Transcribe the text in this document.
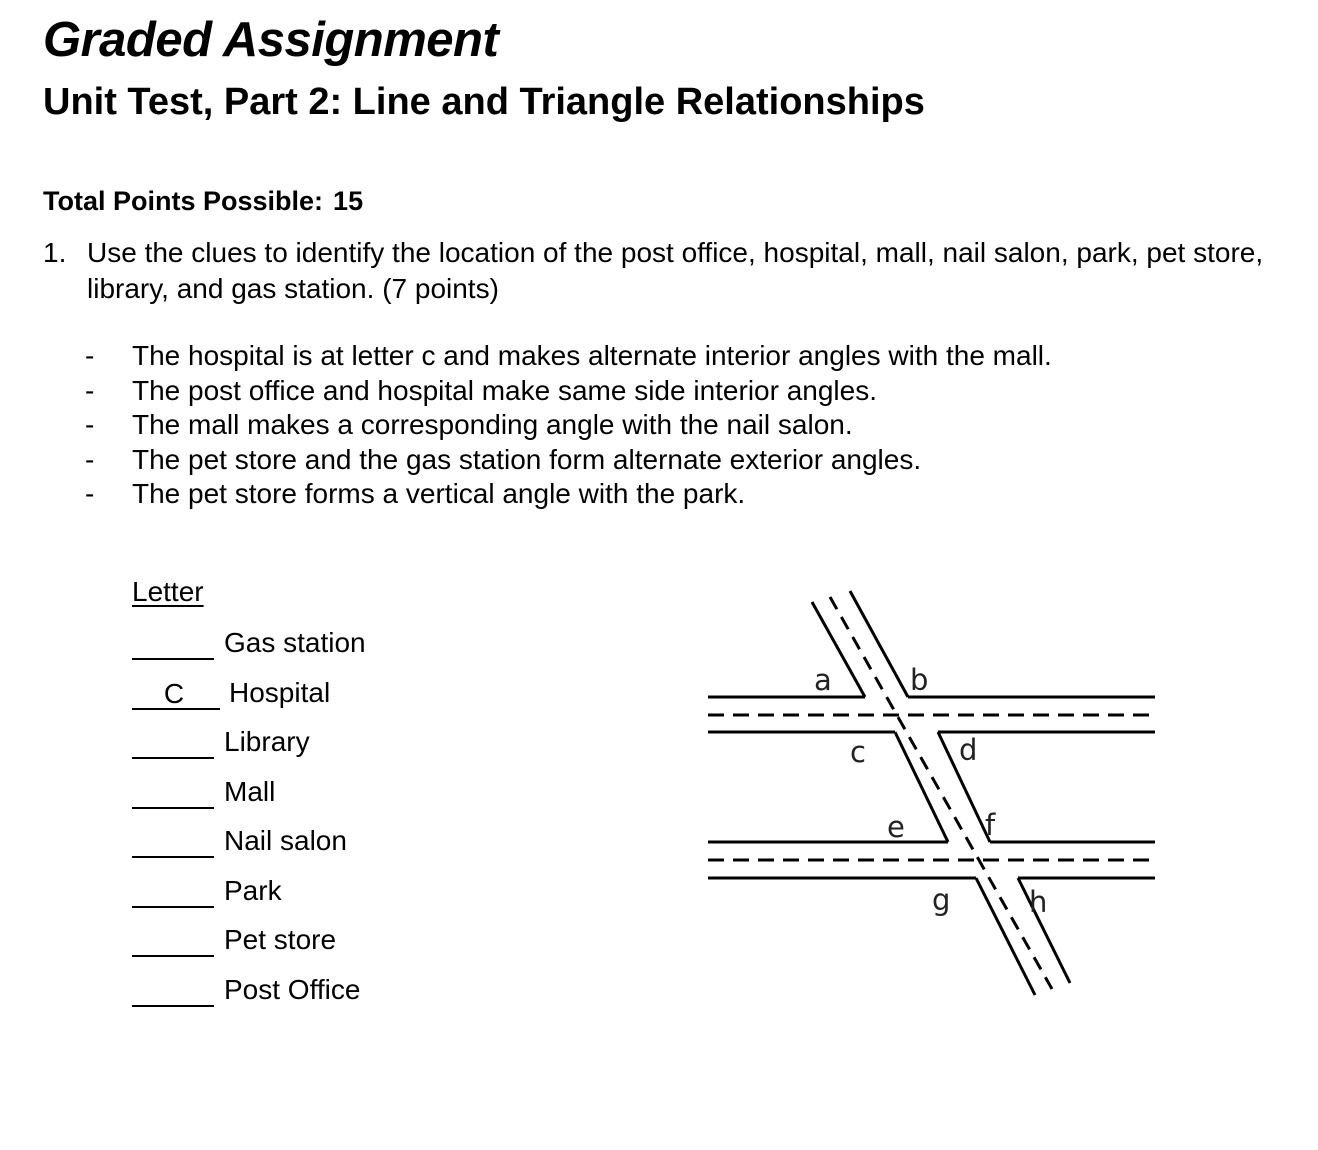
Graded Assignment
Unit Test, Part 2: Line and Triangle Relationships
Total Points Possible: 15
1. Use the clues to identify the location of the post office, hospital, mall, nail salon, park, pet store, library, and gas station. (7 points)
- The hospital is at letter c and makes alternate interior angles with the mall.
- The post office and hospital make same side interior angles.
- The mall makes a corresponding angle with the nail salon.
- The pet store and the gas station form alternate exterior angles.
- The pet store forms a vertical angle with the park.
Letter
Gas station
C	Hospital
Library
Mall
Nail salon
Park
Pet store
Post Office
a	b
c	d
e	f
g	h
